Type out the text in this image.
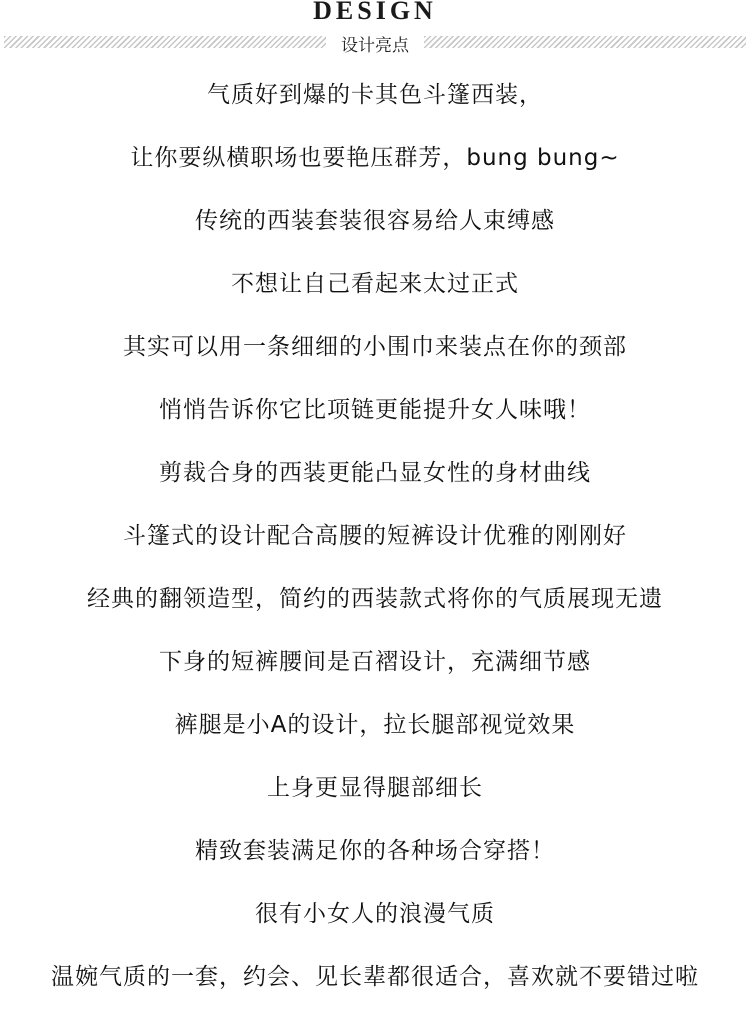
DESIGN
设计亮点
气质好到爆的卡其色斗篷西装，
让你要纵横职场也要艳压群芳，bung bung~
传统的西装套装很容易给人束缚感
不想让自己看起来太过正式
其实可以用一条细细的小围巾来装点在你的颈部
悄悄告诉你它比项链更能提升女人味哦！
剪裁合身的西装更能凸显女性的身材曲线
斗篷式的设计配合高腰的短裤设计优雅的刚刚好
经典的翻领造型，简约的西装款式将你的气质展现无遗
下身的短裤腰间是百褶设计，充满细节感
裤腿是小A的设计，拉长腿部视觉效果
上身更显得腿部细长
精致套装满足你的各种场合穿搭！
很有小女人的浪漫气质
温婉气质的一套，约会、见长辈都很适合，喜欢就不要错过啦
